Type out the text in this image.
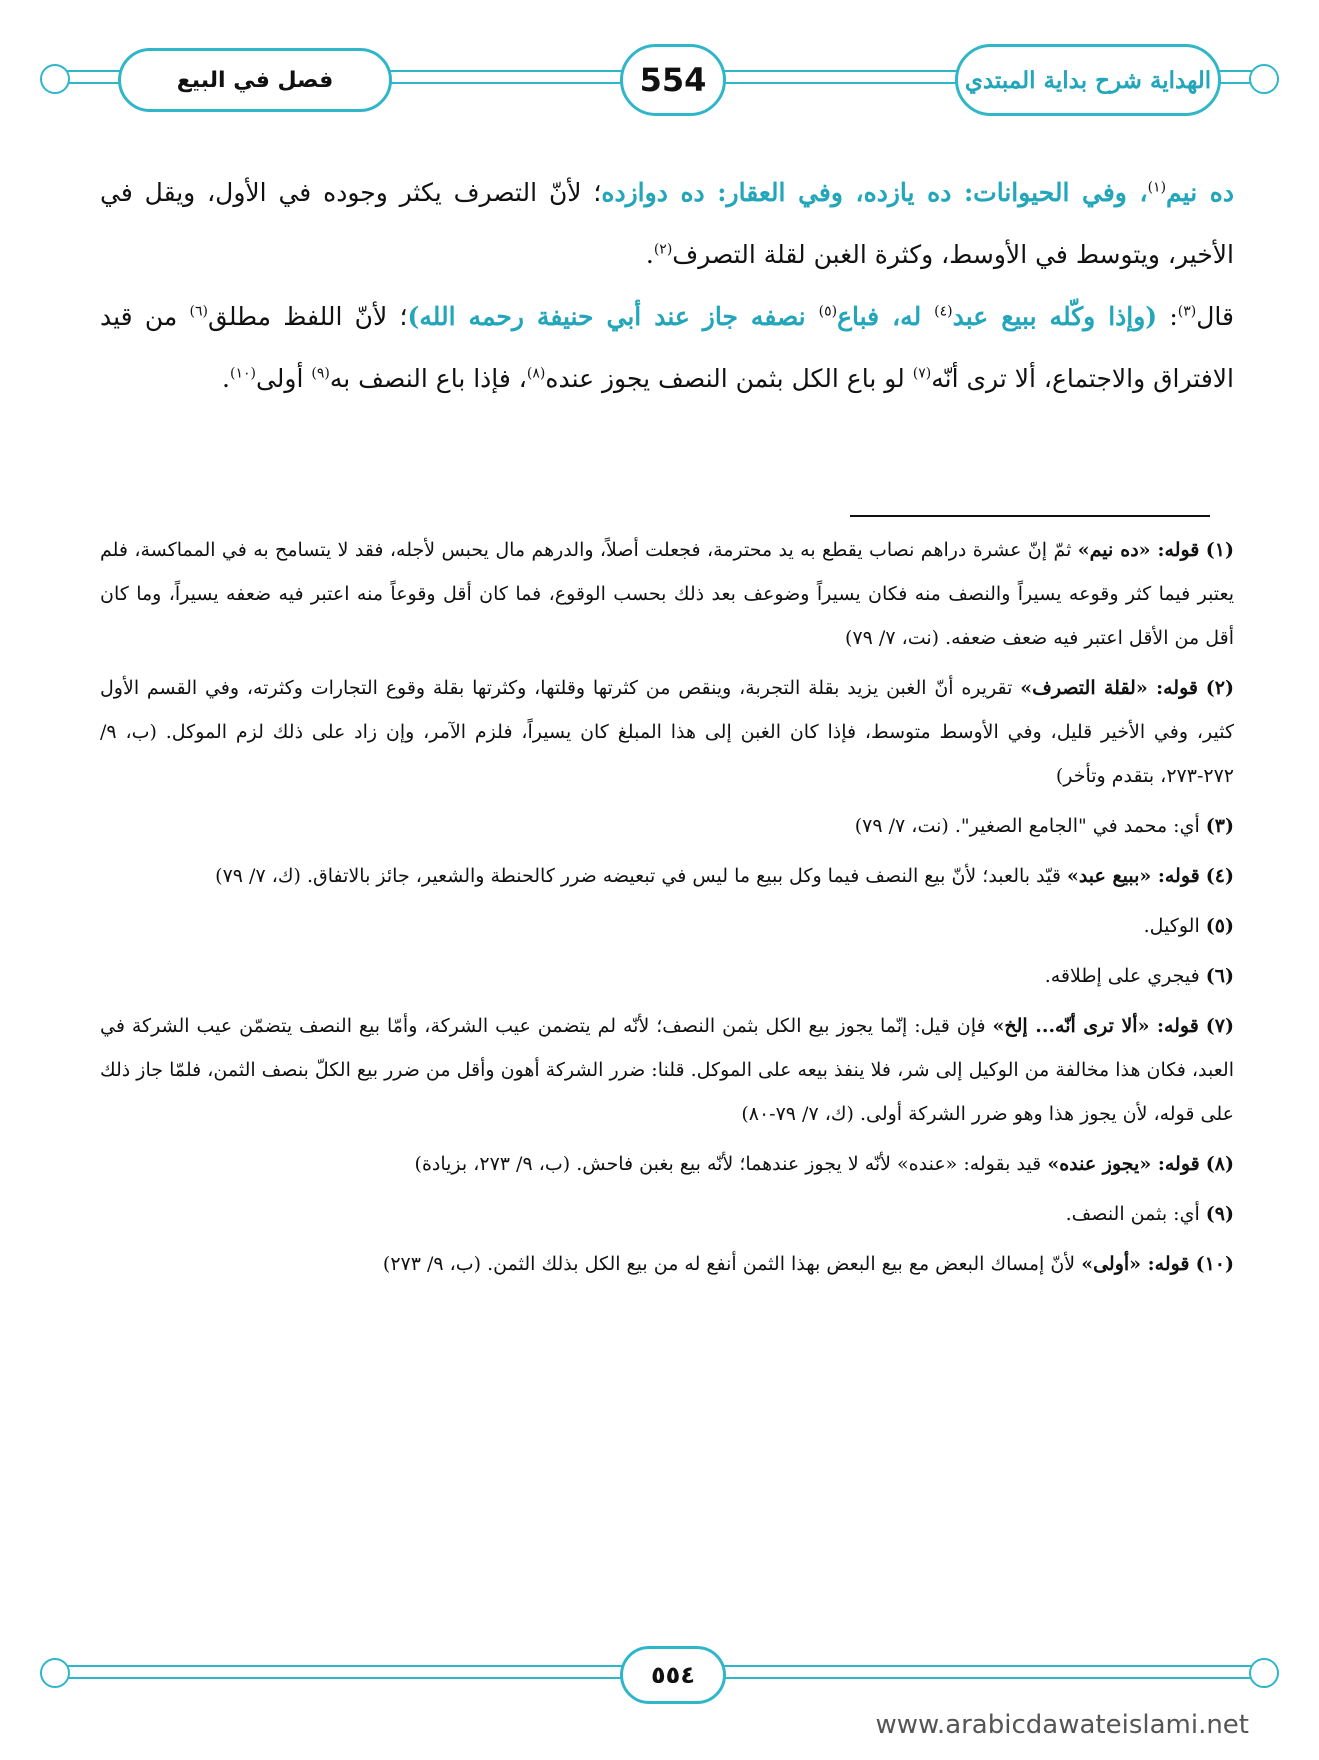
فصل في البيع	554	الهداية شرح بداية المبتدي

ده نيم$^{(١)}$، وفي الحيوانات: ده يازده، وفي العقار: ده دوازده؛ لأنّ التصرف يكثر وجوده في الأول، ويقل في الأخير، ويتوسط في الأوسط، وكثرة الغبن لقلة التصرف$^{(٢)}$.

قال$^{(٣)}$: (وإذا وكّله ببيع عبد$^{(٤)}$ له، فباع$^{(٥)}$ نصفه جاز عند أبي حنيفة رحمه الله)؛ لأنّ اللفظ مطلق$^{(٦)}$ من قيد الافتراق والاجتماع، ألا ترى أنّه$^{(٧)}$ لو باع الكل بثمن النصف يجوز عنده$^{(٨)}$، فإذا باع النصف به$^{(٩)}$ أولى$^{(١٠)}$.

(١) قوله: «ده نيم» ثمّ إنّ عشرة دراهم نصاب يقطع به يد محترمة، فجعلت أصلاً، والدرهم مال يحبس لأجله، فقد لا يتسامح به في المماكسة، فلم يعتبر فيما كثر وقوعه يسيراً والنصف منه فكان يسيراً وضوعف بعد ذلك بحسب الوقوع، فما كان أقل وقوعاً منه اعتبر فيه ضعفه يسيراً، وما كان أقل من الأقل اعتبر فيه ضعف ضعفه. (نت، ٧/ ٧٩)

(٢) قوله: «لقلة التصرف» تقريره أنّ الغبن يزيد بقلة التجربة، وينقص من كثرتها وقلتها، وكثرتها بقلة وقوع التجارات وكثرته، وفي القسم الأول كثير، وفي الأخير قليل، وفي الأوسط متوسط، فإذا كان الغبن إلى هذا المبلغ كان يسيراً، فلزم الآمر، وإن زاد على ذلك لزم الموكل. (ب، ٩/ ٢٧٢-٢٧٣، بتقدم وتأخر)

(٣) أي: محمد في "الجامع الصغير". (نت، ٧/ ٧٩)

(٤) قوله: «ببيع عبد» قيّد بالعبد؛ لأنّ بيع النصف فيما وكل ببيع ما ليس في تبعيضه ضرر كالحنطة والشعير، جائز بالاتفاق. (ك، ٧/ ٧٩)

(٥) الوكيل.

(٦) فيجري على إطلاقه.

(٧) قوله: «ألا ترى أنّه... إلخ» فإن قيل: إنّما يجوز بيع الكل بثمن النصف؛ لأنّه لم يتضمن عيب الشركة، وأمّا بيع النصف يتضمّن عيب الشركة في العبد، فكان هذا مخالفة من الوكيل إلى شر، فلا ينفذ بيعه على الموكل. قلنا: ضرر الشركة أهون وأقل من ضرر بيع الكلّ بنصف الثمن، فلمّا جاز ذلك على قوله، لأن يجوز هذا وهو ضرر الشركة أولى. (ك، ٧/ ٧٩-٨٠)

(٨) قوله: «يجوز عنده» قيد بقوله: «عنده» لأنّه لا يجوز عندهما؛ لأنّه بيع بغبن فاحش. (ب، ٩/ ٢٧٣، بزيادة)

(٩) أي: بثمن النصف.

(١٠) قوله: «أولى» لأنّ إمساك البعض مع بيع البعض بهذا الثمن أنفع له من بيع الكل بذلك الثمن. (ب، ٩/ ٢٧٣)

٥٥٤
www.arabicdawateislami.net
